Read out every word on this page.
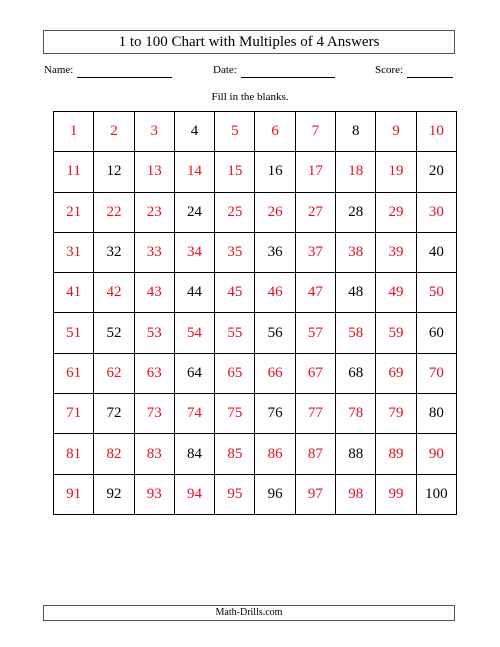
1 to 100 Chart with Multiples of 4 Answers
Name:	Date:	Score:
Fill in the blanks.
1	2	3	4	5	6	7	8	9	10
11	12	13	14	15	16	17	18	19	20
21	22	23	24	25	26	27	28	29	30
31	32	33	34	35	36	37	38	39	40
41	42	43	44	45	46	47	48	49	50
51	52	53	54	55	56	57	58	59	60
61	62	63	64	65	66	67	68	69	70
71	72	73	74	75	76	77	78	79	80
81	82	83	84	85	86	87	88	89	90
91	92	93	94	95	96	97	98	99	100
Math-Drills.com
